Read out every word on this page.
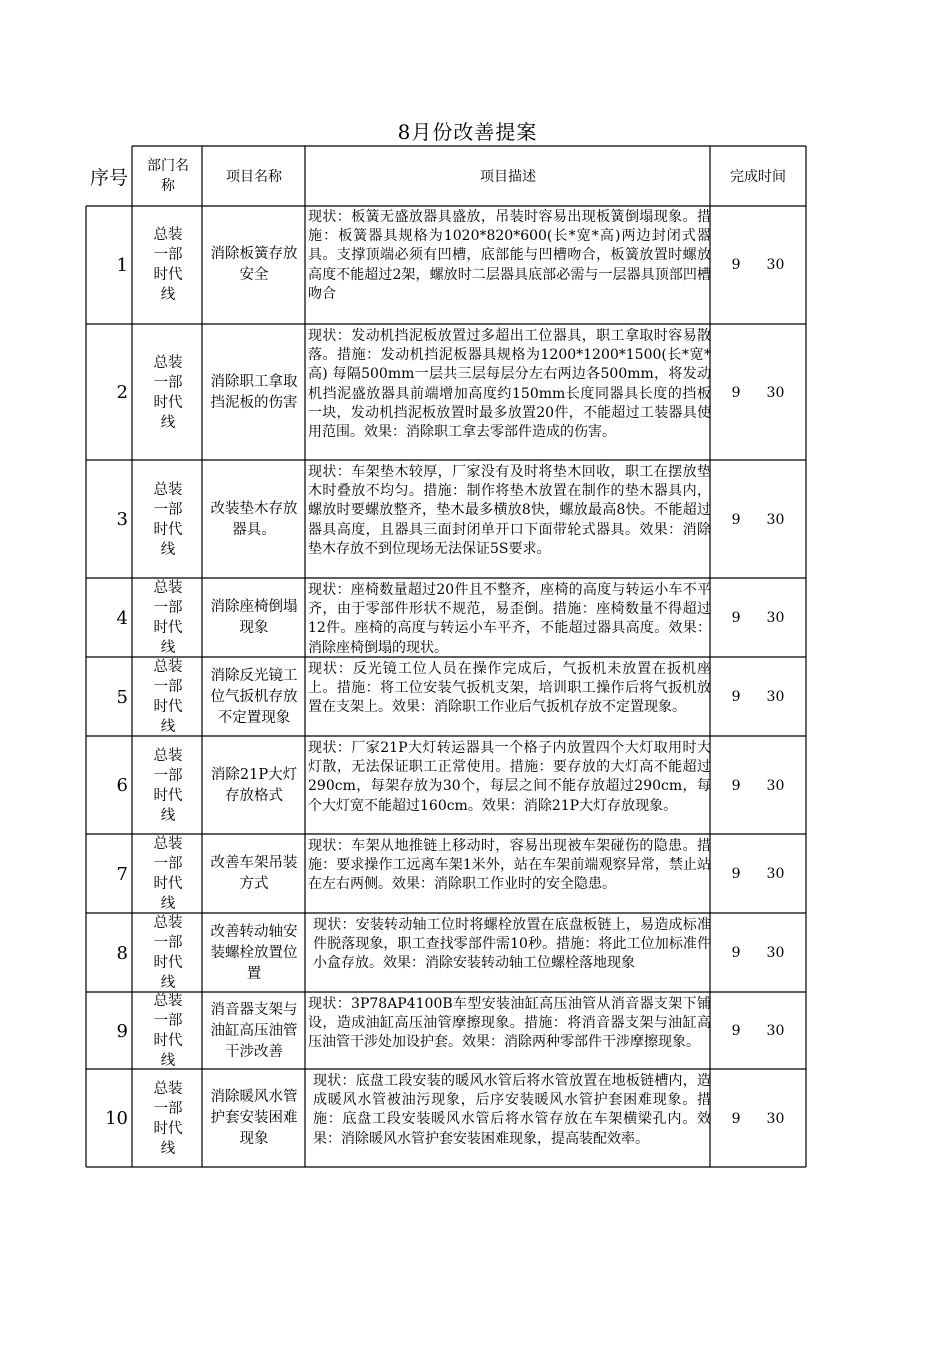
8月份改善提案
序号
部门名称
项目名称	项目描述	完成时间
1
总装一部时代线
消除板簧存放安全
现状：板簧无盛放器具盛放，吊装时容易出现板簧倒塌现象。措施：板簧器具规格为1020*820*600(长*宽*高)两边封闭式器具。支撑顶端必须有凹槽，底部能与凹槽吻合，板簧放置时螺放高度不能超过2架，螺放时二层器具底部必需与一层器具顶部凹槽吻合
9 30
2
总装一部时代线
消除职工拿取挡泥板的伤害
现状：发动机挡泥板放置过多超出工位器具，职工拿取时容易散落。措施：发动机挡泥板器具规格为1200*1200*1500(长*宽*高) 每隔500mm一层共三层每层分左右两边各500mm，将发动机挡泥盛放器具前端增加高度约150mm长度同器具长度的挡板一块，发动机挡泥板放置时最多放置20件，不能超过工装器具使用范围。效果：消除职工拿去零部件造成的伤害。
9 30
3
总装一部时代线
改装垫木存放器具。
现状：车架垫木较厚，厂家没有及时将垫木回收，职工在摆放垫木时叠放不均匀。措施：制作将垫木放置在制作的垫木器具内，螺放时要螺放整齐，垫木最多横放8快，螺放最高8快。不能超过器具高度，且器具三面封闭单开口下面带轮式器具。效果：消除垫木存放不到位现场无法保证5S要求。
9 30
4
总装一部时代线
消除座椅倒塌现象
现状：座椅数量超过20件且不整齐，座椅的高度与转运小车不平齐，由于零部件形状不规范，易歪倒。措施：座椅数量不得超过12件。座椅的高度与转运小车平齐，不能超过器具高度。效果：消除座椅倒塌的现状。
9 30
5
总装一部时代线
消除反光镜工位气扳机存放不定置现象
现状：反光镜工位人员在操作完成后，气扳机未放置在扳机座上。措施：将工位安装气扳机支架，培训职工操作后将气扳机放置在支架上。效果：消除职工作业后气扳机存放不定置现象。
9 30
6
总装一部时代线
消除21P大灯存放格式
现状：厂家21P大灯转运器具一个格子内放置四个大灯取用时大灯散，无法保证职工正常使用。措施：要存放的大灯高不能超过290cm，每架存放为30个，每层之间不能存放超过290cm，每个大灯宽不能超过160cm。效果：消除21P大灯存放现象。
9 30
7
总装一部时代线
改善车架吊装方式
现状：车架从地推链上移动时，容易出现被车架碰伤的隐患。措施：要求操作工远离车架1米外，站在车架前端观察异常，禁止站在左右两侧。效果：消除职工作业时的安全隐患。
9 30
8
总装一部时代线
改善转动轴安装螺栓放置位置
现状：安装转动轴工位时将螺栓放置在底盘板链上，易造成标准件脱落现象，职工查找零部件需10秒。措施：将此工位加标准件小盒存放。效果：消除安装转动轴工位螺栓落地现象
9 30
9
总装一部时代线
消音器支架与油缸高压油管干涉改善
现状：3P78AP4100B车型安装油缸高压油管从消音器支架下铺设，造成油缸高压油管摩擦现象。措施：将消音器支架与油缸高压油管干涉处加设护套。效果：消除两种零部件干涉摩擦现象。
9 30
10
总装一部时代线
消除暖风水管护套安装困难现象
现状：底盘工段安装的暖风水管后将水管放置在地板链槽内，造成暖风水管被油污现象，后序安装暖风水管护套困难现象。措施：底盘工段安装暖风水管后将水管存放在车架横梁孔内。效果：消除暖风水管护套安装困难现象，提高装配效率。
9 30
